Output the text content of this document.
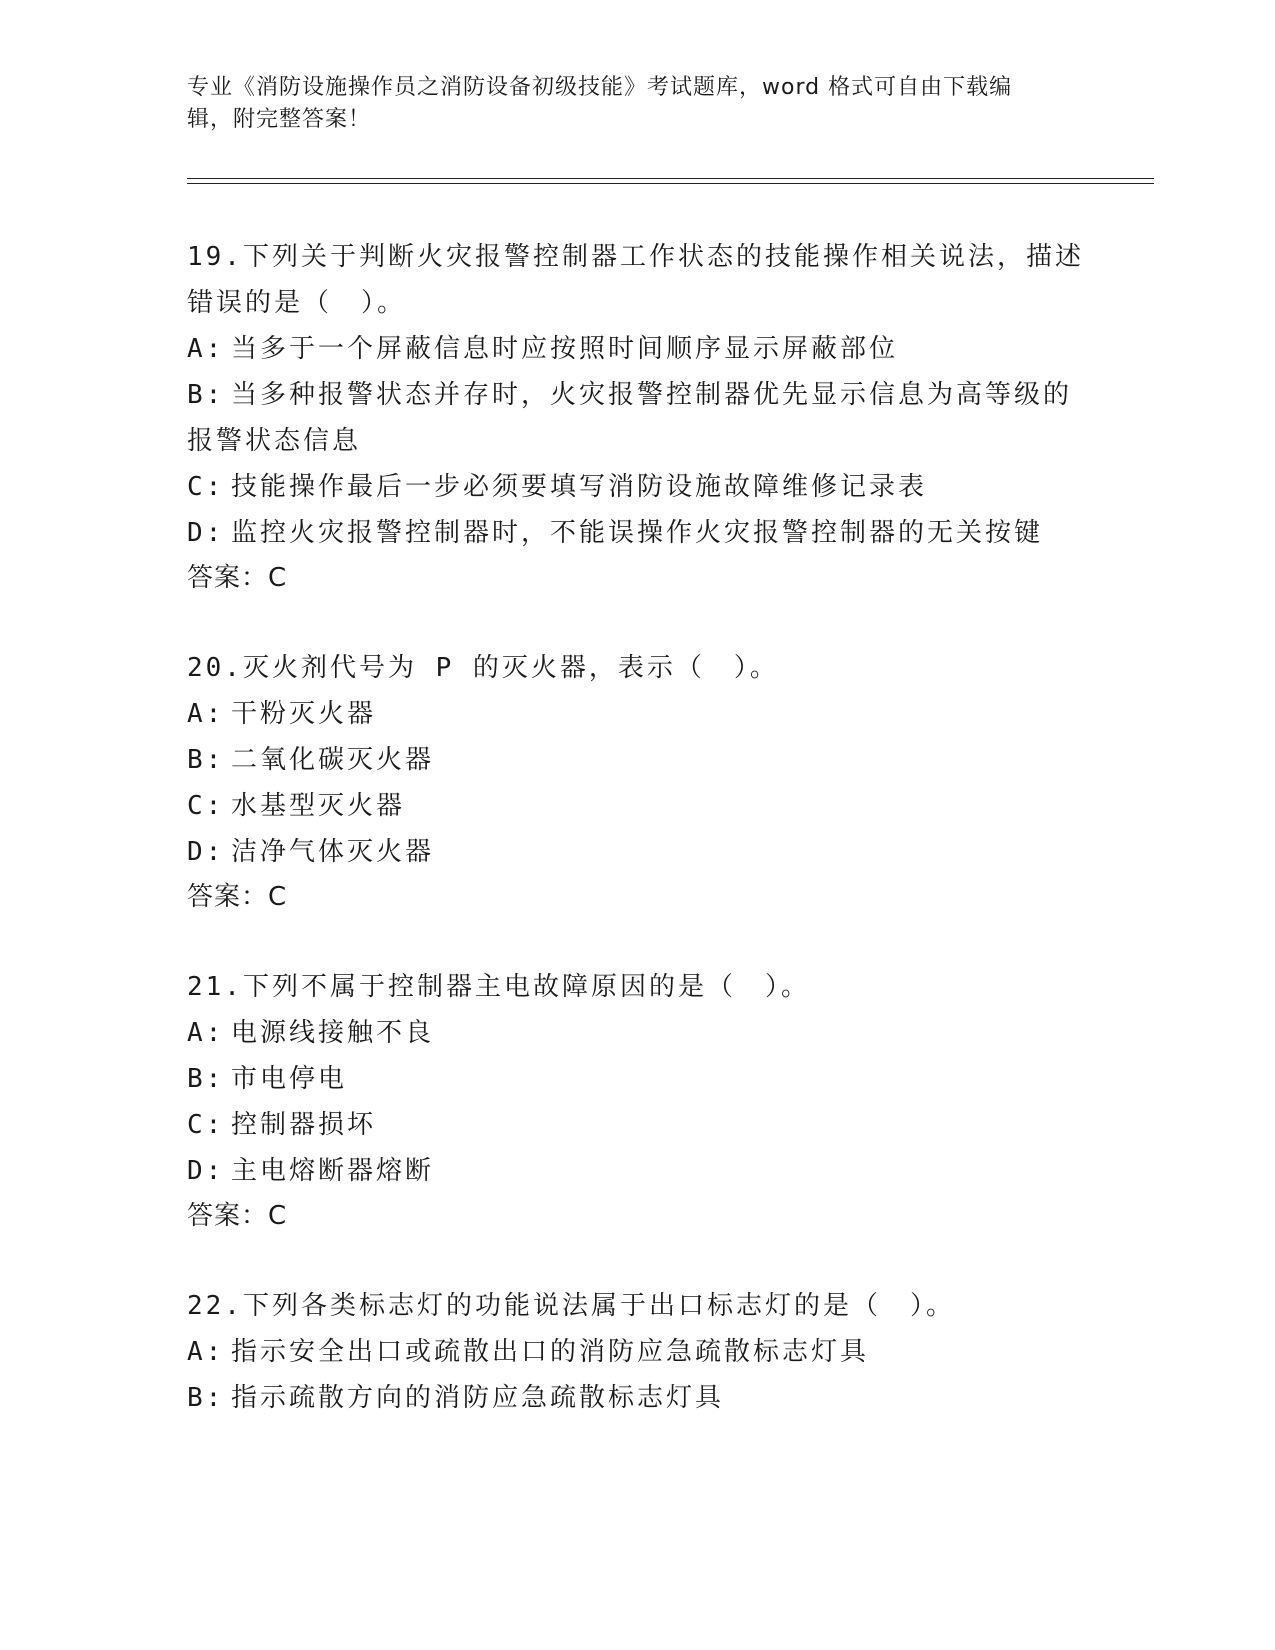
专业《消防设施操作员之消防设备初级技能》考试题库，word 格式可自由下载编
辑，附完整答案！
19.下列关于判断火灾报警控制器工作状态的技能操作相关说法，描述
错误的是（　）。
A: 当多于一个屏蔽信息时应按照时间顺序显示屏蔽部位
B: 当多种报警状态并存时，火灾报警控制器优先显示信息为高等级的
报警状态信息
C: 技能操作最后一步必须要填写消防设施故障维修记录表
D: 监控火灾报警控制器时，不能误操作火灾报警控制器的无关按键
答案：C
20.灭火剂代号为 P 的灭火器，表示（　）。
A: 干粉灭火器
B: 二氧化碳灭火器
C: 水基型灭火器
D: 洁净气体灭火器
答案：C
21.下列不属于控制器主电故障原因的是（　）。
A: 电源线接触不良
B: 市电停电
C: 控制器损坏
D: 主电熔断器熔断
答案：C
22.下列各类标志灯的功能说法属于出口标志灯的是（　）。
A: 指示安全出口或疏散出口的消防应急疏散标志灯具
B: 指示疏散方向的消防应急疏散标志灯具
